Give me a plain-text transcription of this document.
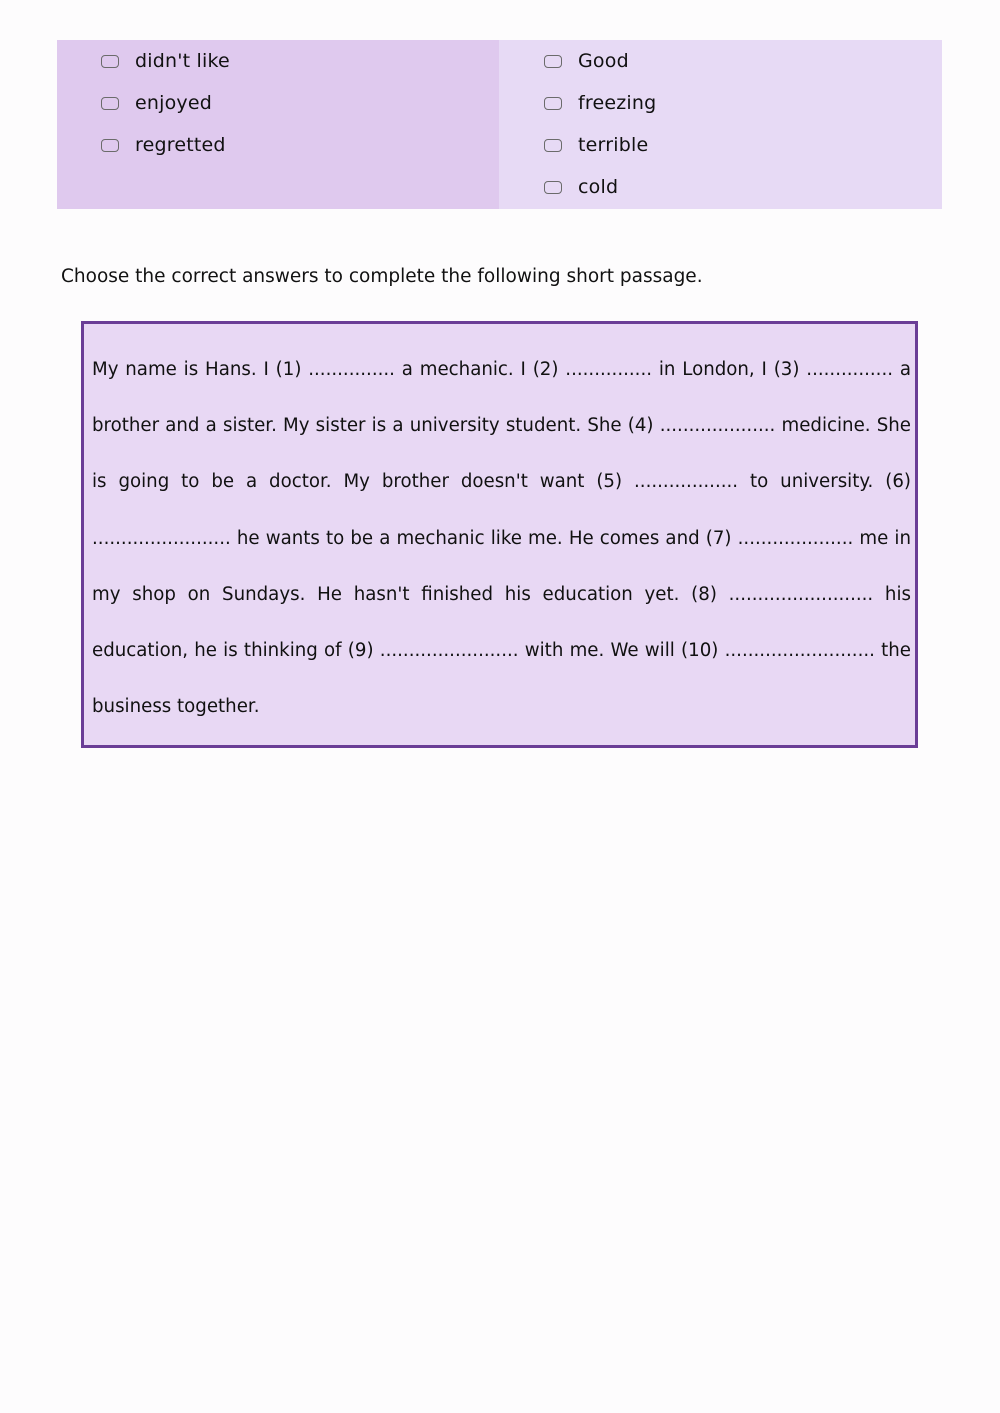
didn't like
enjoyed
regretted
Good
freezing
terrible
cold
Choose the correct answers to complete the following short passage.

My name is Hans. I (1) ............... a mechanic. I (2) ............... in London, I (3) ............... a brother and a sister. My sister is a university student. She (4) .................... medicine. She is going to be a doctor. My brother doesn't want (5) .................. to university. (6) ........................ he wants to be a mechanic like me. He comes and (7) .................... me in my shop on Sundays. He hasn't finished his education yet. (8) ......................... his education, he is thinking of (9) ........................ with me. We will (10) .......................... the business together.
